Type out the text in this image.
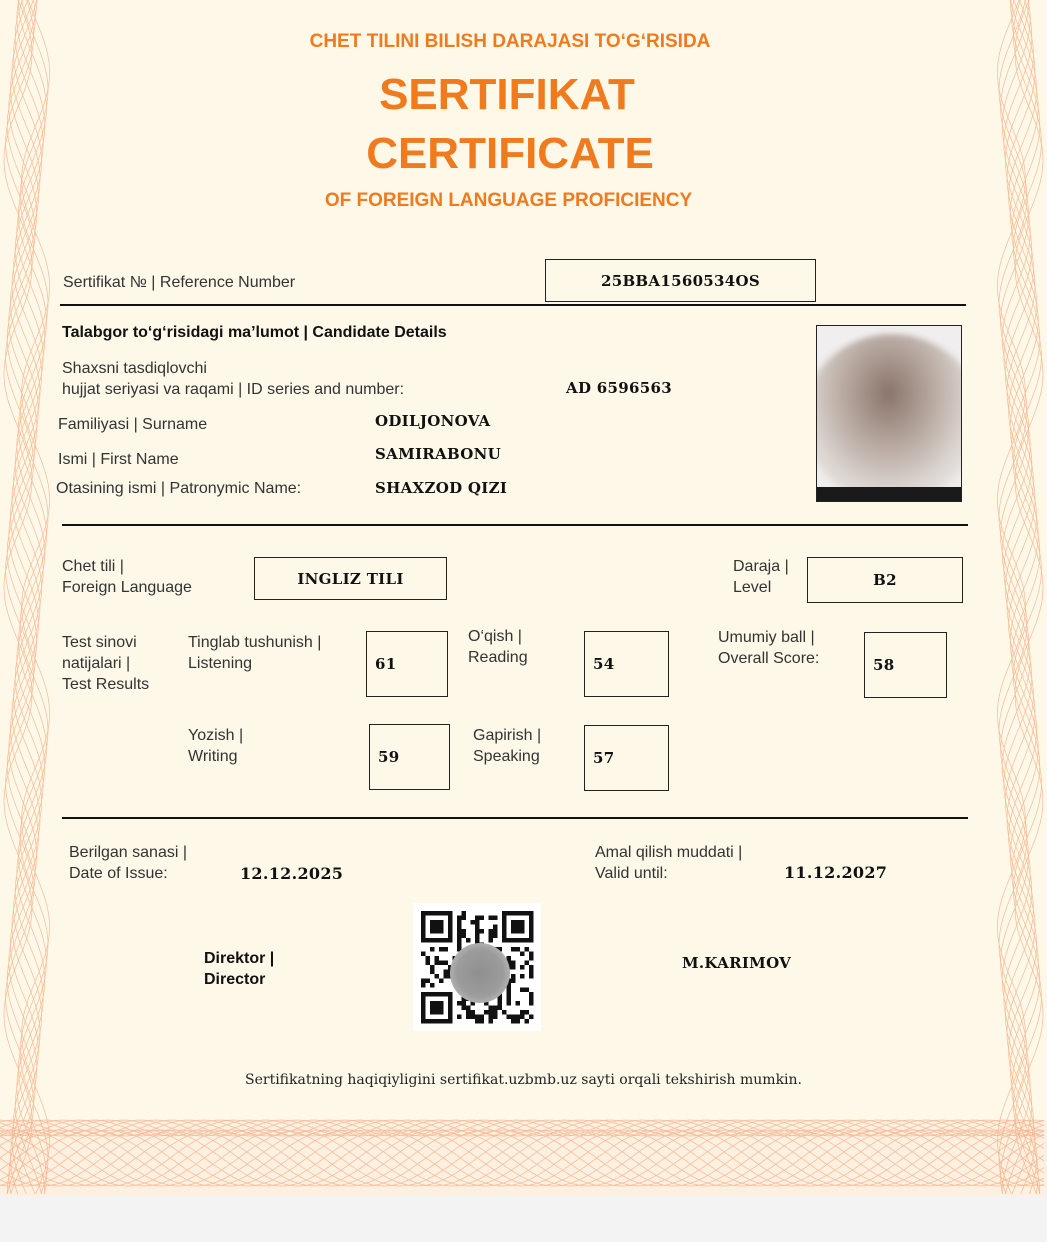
CHET TILINI BILISH DARAJASI TO‘G‘RISIDA
SERTIFIKAT
CERTIFICATE
OF FOREIGN LANGUAGE PROFICIENCY
Sertifikat № | Reference Number	25BBA1560534OS
Talabgor to‘g‘risidagi ma’lumot | Candidate Details
Shaxsni tasdiqlovchi
hujjat seriyasi va raqami | ID series and number:	AD 6596563
Familiyasi | Surname	ODILJONOVA
Ismi | First Name	SAMIRABONU
Otasining ismi | Patronymic Name:	SHAXZOD QIZI
Chet tili |
Foreign Language	INGLIZ TILI
Daraja |
Level	B2
Test sinovi
natijalari |
Test Results
Tinglab tushunish |
Listening	61
O‘qish |
Reading	54
Umumiy ball |
Overall Score:	58
Yozish |
Writing	59
Gapirish |
Speaking	57
Berilgan sanasi |
Date of Issue:	12.12.2025
Amal qilish muddati |
Valid until:	11.12.2027
Direktor |
Director
M.KARIMOV
Sertifikatning haqiqiyligini sertifikat.uzbmb.uz sayti orqali tekshirish mumkin.
